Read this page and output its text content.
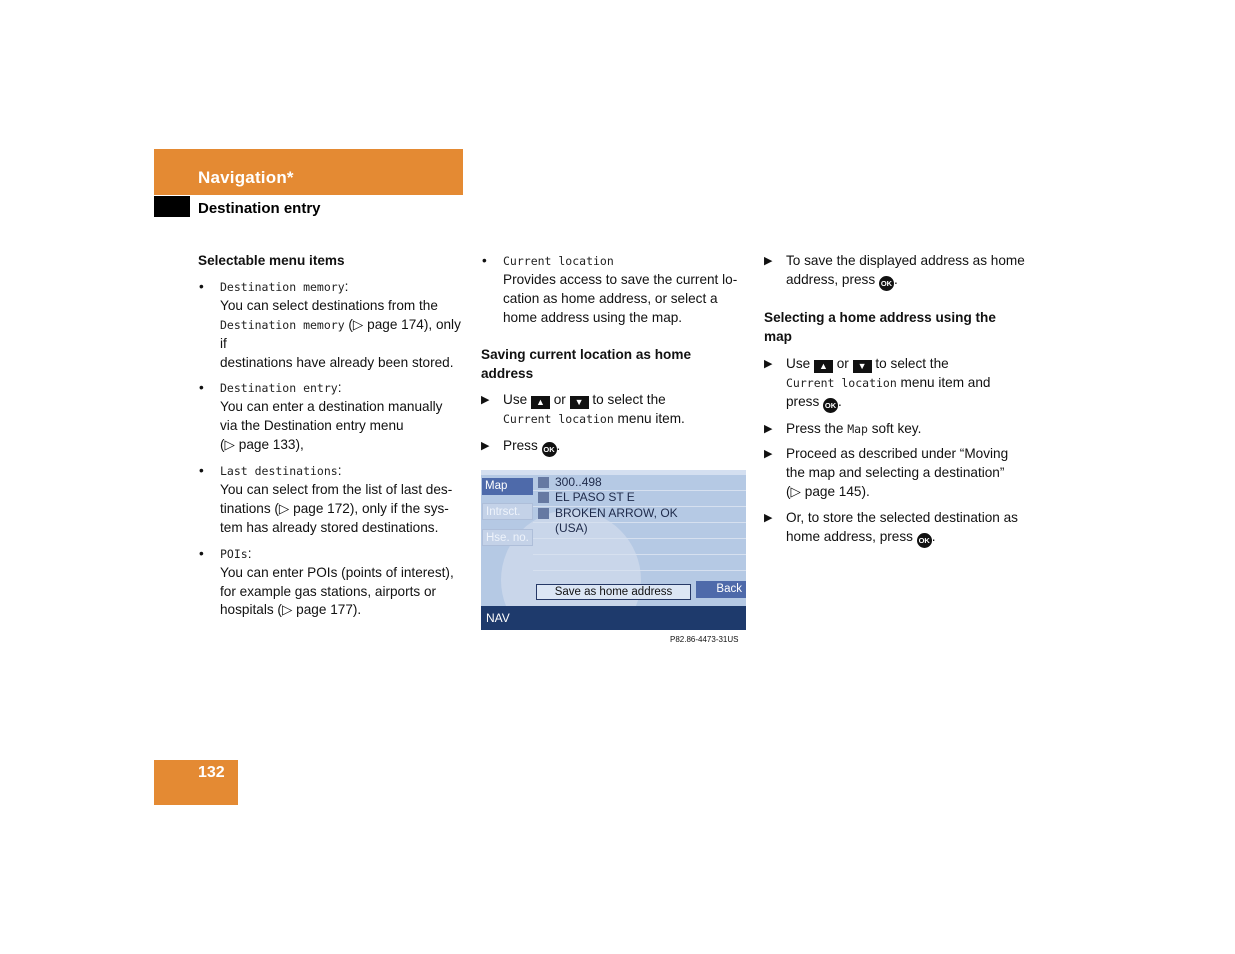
Navigation*
Destination entry

Selectable menu items

• Destination memory:
You can select destinations from the
Destination memory (▷ page 174), only if
destinations have already been stored.
• Destination entry:
You can enter a destination manually
via the Destination entry menu
(▷ page 133),
• Last destinations:
You can select from the list of last des-
tinations (▷ page 172), only if the sys-
tem has already stored destinations.
• POIs:
You can enter POIs (points of interest),
for example gas stations, airports or
hospitals (▷ page 177).
• Current location
Provides access to save the current lo-
cation as home address, or select a
home address using the map.

Saving current location as home
address

▶ Use ▲ or ▼ to select the
Current location menu item.
▶ Press OK .
Map
Intrsct.
Hse. no.
300..498
EL PASO ST E
BROKEN ARROW, OK
(USA)
Save as home address	Back
NAV
P82.86-4473-31US
▶ To save the displayed address as home
address, press OK .

Selecting a home address using the
map

▶ Use ▲ or ▼ to select the
Current location menu item and
press OK .
▶ Press the Map soft key.
▶ Proceed as described under “Moving
the map and selecting a destination”
(▷ page 145).
▶ Or, to store the selected destination as
home address, press OK .
132
